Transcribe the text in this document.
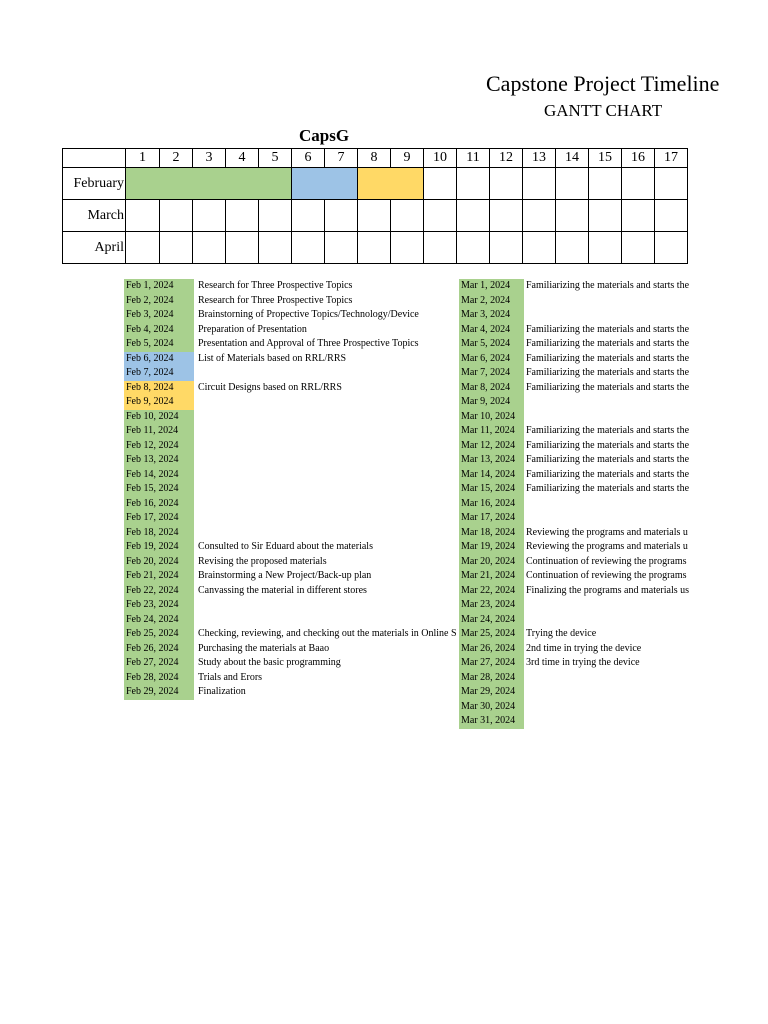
Capstone Project Timeline
GANTT CHART
CapsG
	1	2	3	4	5	6	7	8	9	10	11	12	13	14	15	16	17
February																	
March																	
April																	
Feb 1, 2024	Research for Three Prospective Topics
Feb 2, 2024	Research for Three Prospective Topics
Feb 3, 2024	Brainstorning of Propective Topics/Technology/Device
Feb 4, 2024	Preparation of Presentation
Feb 5, 2024	Presentation and Approval of Three Prospective Topics
Feb 6, 2024	List of Materials based on RRL/RRS
Feb 7, 2024
Feb 8, 2024	Circuit Designs based on RRL/RRS
Feb 9, 2024
Feb 10, 2024
Feb 11, 2024
Feb 12, 2024
Feb 13, 2024
Feb 14, 2024
Feb 15, 2024
Feb 16, 2024
Feb 17, 2024
Feb 18, 2024
Feb 19, 2024	Consulted to Sir Eduard about the materials
Feb 20, 2024	Revising the proposed materials
Feb 21, 2024	Brainstorming a New Project/Back-up plan
Feb 22, 2024	Canvassing the material in different stores
Feb 23, 2024
Feb 24, 2024
Feb 25, 2024	Checking, reviewing, and checking out the materials in Online S
Feb 26, 2024	Purchasing the materials at Baao
Feb 27, 2024	Study about the basic programming
Feb 28, 2024	Trials and Erors
Feb 29, 2024	Finalization
Mar 1, 2024	Familiarizing the materials and starts the
Mar 2, 2024
Mar 3, 2024
Mar 4, 2024	Familiarizing the materials and starts the
Mar 5, 2024	Familiarizing the materials and starts the
Mar 6, 2024	Familiarizing the materials and starts the
Mar 7, 2024	Familiarizing the materials and starts the
Mar 8, 2024	Familiarizing the materials and starts the
Mar 9, 2024
Mar 10, 2024
Mar 11, 2024	Familiarizing the materials and starts the
Mar 12, 2024	Familiarizing the materials and starts the
Mar 13, 2024	Familiarizing the materials and starts the
Mar 14, 2024	Familiarizing the materials and starts the
Mar 15, 2024	Familiarizing the materials and starts the
Mar 16, 2024
Mar 17, 2024
Mar 18, 2024	Reviewing the programs and materials u
Mar 19, 2024	Reviewing the programs and materials u
Mar 20, 2024	Continuation of reviewing the programs
Mar 21, 2024	Continuation of reviewing the programs
Mar 22, 2024	Finalizing the programs and materials us
Mar 23, 2024
Mar 24, 2024
Mar 25, 2024	Trying the device
Mar 26, 2024	2nd time in trying the device
Mar 27, 2024	3rd time in trying the device
Mar 28, 2024
Mar 29, 2024
Mar 30, 2024
Mar 31, 2024
